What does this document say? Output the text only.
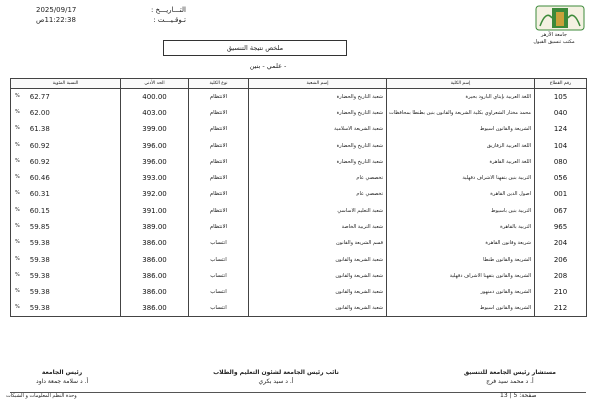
التـــاريـــخ :
2025/09/17
تـوقـيـــت :
11:22:38ص
جامعة الأزهر
مكتب تنسيق القبول
ملخص نتيجة التنسيق
- علمي - بنين
رقم القطاع	إسم الكلية	إسم الشعبة	نوع الكلية	الحد الأدني	النسبة المئوية
105	اللغة العربية بإيتاي البارود بحيرة	شعبة التاريخ والحضارة	الانتظام	400.00	% 62.77

040	محمد مختار الشعراوي بكلية الشريعة والقانون بنين بطنطا بمحافظات	شعبة التاريخ والحضارة	الانتظام	403.00	% 62.00

124	الشريعة والقانون اسيوط	شعبة الشريعة الاسلامية	الانتظام	399.00	% 61.38

104	اللغة العربية الزقازيق	شعبة التاريخ والحضارة	الانتظام	396.00	% 60.92

080	اللغة العربية القاهرة	شعبة التاريخ والحضارة	الانتظام	396.00	% 60.92

056	التربية بنين بتفهنا الاشراف دقهلية	تخصصي عام	الانتظام	393.00	% 60.46

001	اصول الدين القاهرة	تخصصي عام	الانتظام	392.00	% 60.31

067	التربية بنين باسيوط	شعبة التعليم الاساسي	الانتظام	391.00	% 60.15

965	التربية بالقاهرة	شعبة التربية الخاصة	الانتظام	389.00	% 59.85

204	شريعة وقانون القاهرة	قسم الشريعة والقانون	انتساب	386.00	% 59.38

206	الشريعة والقانون طنطا	شعبة الشريعة والقانون	انتساب	386.00	% 59.38

208	الشريعة والقانون بتفهنا الاشراف دقهلية	شعبة الشريعة والقانون	انتساب	386.00	% 59.38

210	الشريعة والقانون دمنهور	شعبة الشريعة والقانون	انتساب	386.00	% 59.38

212	الشريعة والقانون اسيوط	شعبة الشريعة والقانون	انتساب	386.00	% 59.38
مستشار رئيس الجامعة للتنسيق
أ. د محمد سيد فرج
نائب رئيس الجامعة لشئون التعليم والطلاب
أ. د سيد بكري
رئيس الجامعة
أ. د سلامة جمعة داود
وحدة النظم المعلومات و الشبكات	صفحة: 5 | 13
